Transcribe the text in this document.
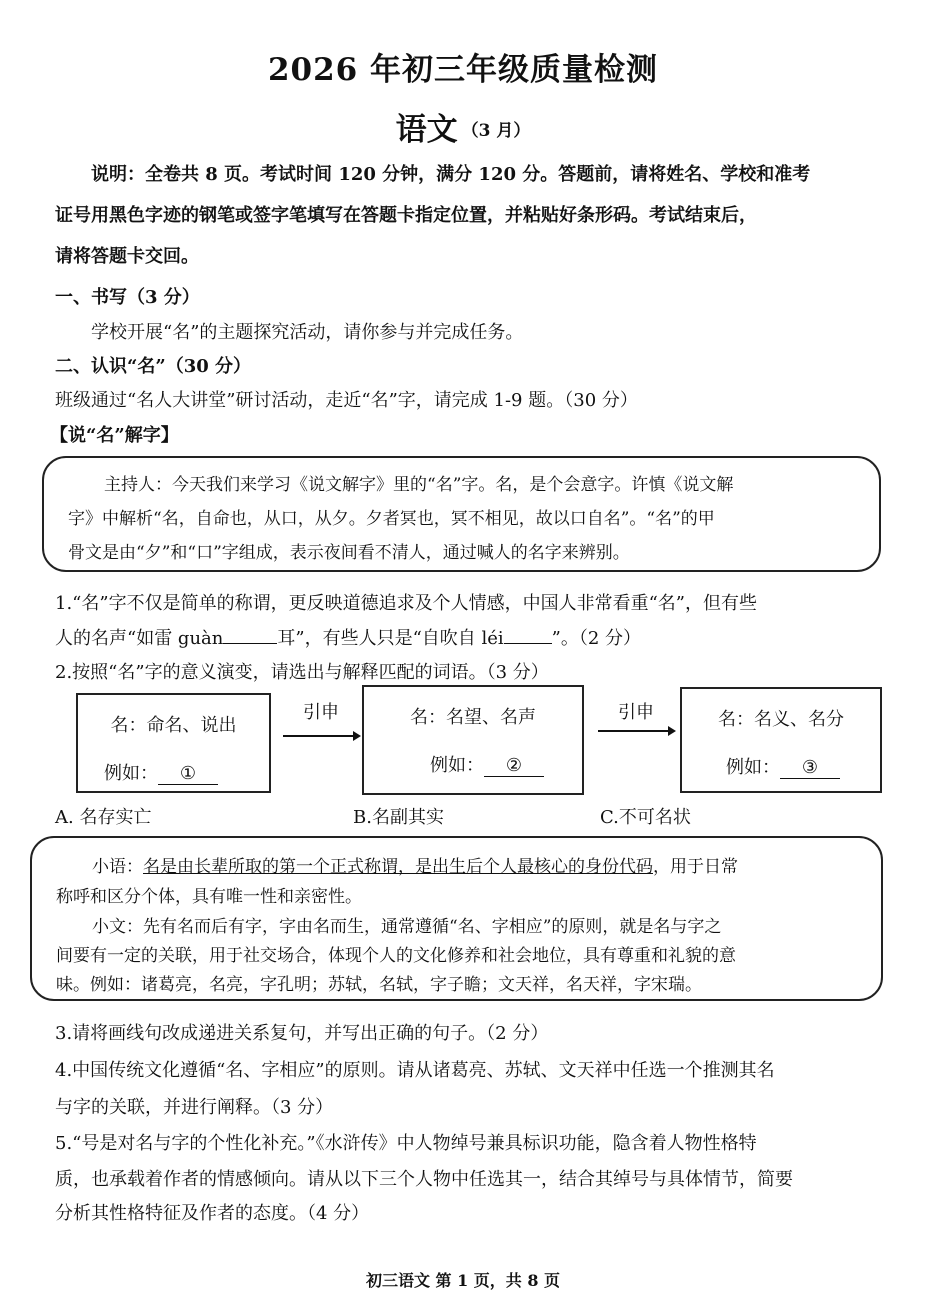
2026 年初三年级质量检测
语文 （3 月）
说明：全卷共 8 页。考试时间 120 分钟，满分 120 分。答题前，请将姓名、学校和准考
证号用黑色字迹的钢笔或签字笔填写在答题卡指定位置，并粘贴好条形码。考试结束后，
请将答题卡交回。
一、书写（3 分）
学校开展“名”的主题探究活动，请你参与并完成任务。
二、认识“名”（30 分）
班级通过“名人大讲堂”研讨活动，走近“名”字，请完成 1-9 题。（30 分）
【说“名”解字】
主持人：今天我们来学习《说文解字》里的“名”字。名，是个会意字。许慎《说文解
字》中解析“名，自命也，从口，从夕。夕者冥也，冥不相见，故以口自名”。“名”的甲
骨文是由“夕”和“口”字组成，表示夜间看不清人，通过喊人的名字来辨别。
1.“名”字不仅是简单的称谓，更反映道德追求及个人情感，中国人非常看重“名”，但有些
人的名声“如雷 guàn	耳”，有些人只是“自吹自 léi	”。（2 分）
2.按照“名”字的意义演变，请选出与解释匹配的词语。（3 分）
名：命名、说出
例如： ①
引申	名：名望、名声
例如： ②
引申	名：名义、名分
例如： ③
A. 名存实亡	B.名副其实	C.不可名状
小语：名是由长辈所取的第一个正式称谓，是出生后个人最核心的身份代码，用于日常
称呼和区分个体，具有唯一性和亲密性。
小文：先有名而后有字，字由名而生，通常遵循“名、字相应”的原则，就是名与字之
间要有一定的关联，用于社交场合，体现个人的文化修养和社会地位，具有尊重和礼貌的意
味。例如：诸葛亮，名亮，字孔明；苏轼，名轼，字子瞻；文天祥，名天祥，字宋瑞。
3.请将画线句改成递进关系复句，并写出正确的句子。（2 分）
4.中国传统文化遵循“名、字相应”的原则。请从诸葛亮、苏轼、文天祥中任选一个推测其名
与字的关联，并进行阐释。（3 分）
5.“号是对名与字的个性化补充。”《水浒传》中人物绰号兼具标识功能，隐含着人物性格特
质，也承载着作者的情感倾向。请从以下三个人物中任选其一，结合其绰号与具体情节，简要
分析其性格特征及作者的态度。（4 分）
初三语文 第 1 页，共 8 页
